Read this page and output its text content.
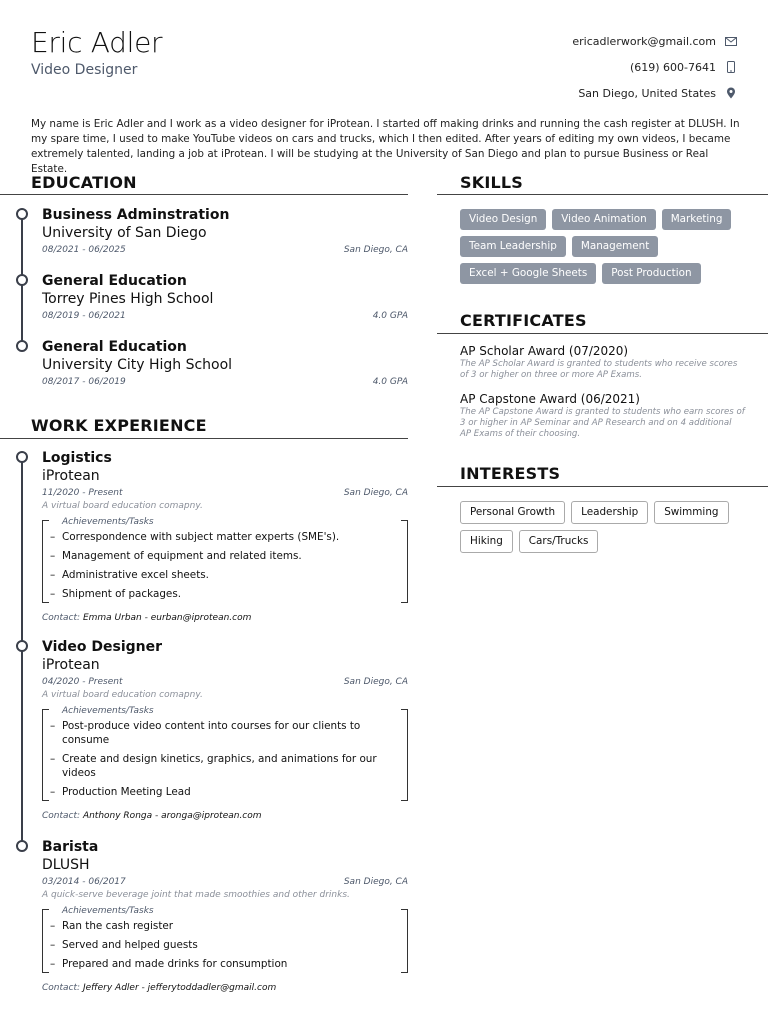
Eric Adler
Video Designer
ericadlerwork@gmail.com
(619) 600-7641
San Diego, United States

My name is Eric Adler and I work as a video designer for iProtean. I started off making drinks and running the cash register at DLUSH. In my spare time, I used to make YouTube videos on cars and trucks, which I then edited. After years of editing my own videos, I became extremely talented, landing a job at iProtean. I will be studying at the University of San Diego and plan to pursue Business or Real Estate.

EDUCATION
Business Adminstration
University of San Diego
08/2021 - 06/2025	San Diego, CA
General Education
Torrey Pines High School
08/2019 - 06/2021	4.0 GPA
General Education
University City High School
08/2017 - 06/2019	4.0 GPA
WORK EXPERIENCE
Logistics
iProtean
11/2020 - Present	San Diego, CA
A virtual board education comapny.
Achievements/Tasks
– Correspondence with subject matter experts (SME's).
– Management of equipment and related items.
– Administrative excel sheets.
– Shipment of packages.
Contact: Emma Urban - eurban@iprotean.com
Video Designer
iProtean
04/2020 - Present	San Diego, CA
A virtual board education comapny.
Achievements/Tasks
– Post-produce video content into courses for our clients to consume
– Create and design kinetics, graphics, and animations for our videos
– Production Meeting Lead
Contact: Anthony Ronga - aronga@iprotean.com
Barista
DLUSH
03/2014 - 06/2017	San Diego, CA
A quick-serve beverage joint that made smoothies and other drinks.
Achievements/Tasks
– Ran the cash register
– Served and helped guests
– Prepared and made drinks for consumption
Contact: Jeffery Adler - jefferytoddadler@gmail.com
SKILLS
Video Design	Video Animation	Marketing
Team Leadership	Management
Excel + Google Sheets	Post Production
CERTIFICATES
AP Scholar Award (07/2020)
The AP Scholar Award is granted to students who receive scores of 3 or higher on three or more AP Exams.
AP Capstone Award (06/2021)
The AP Capstone Award is granted to students who earn scores of 3 or higher in AP Seminar and AP Research and on 4 additional AP Exams of their choosing.
INTERESTS
Personal Growth	Leadership	Swimming
Hiking	Cars/Trucks
